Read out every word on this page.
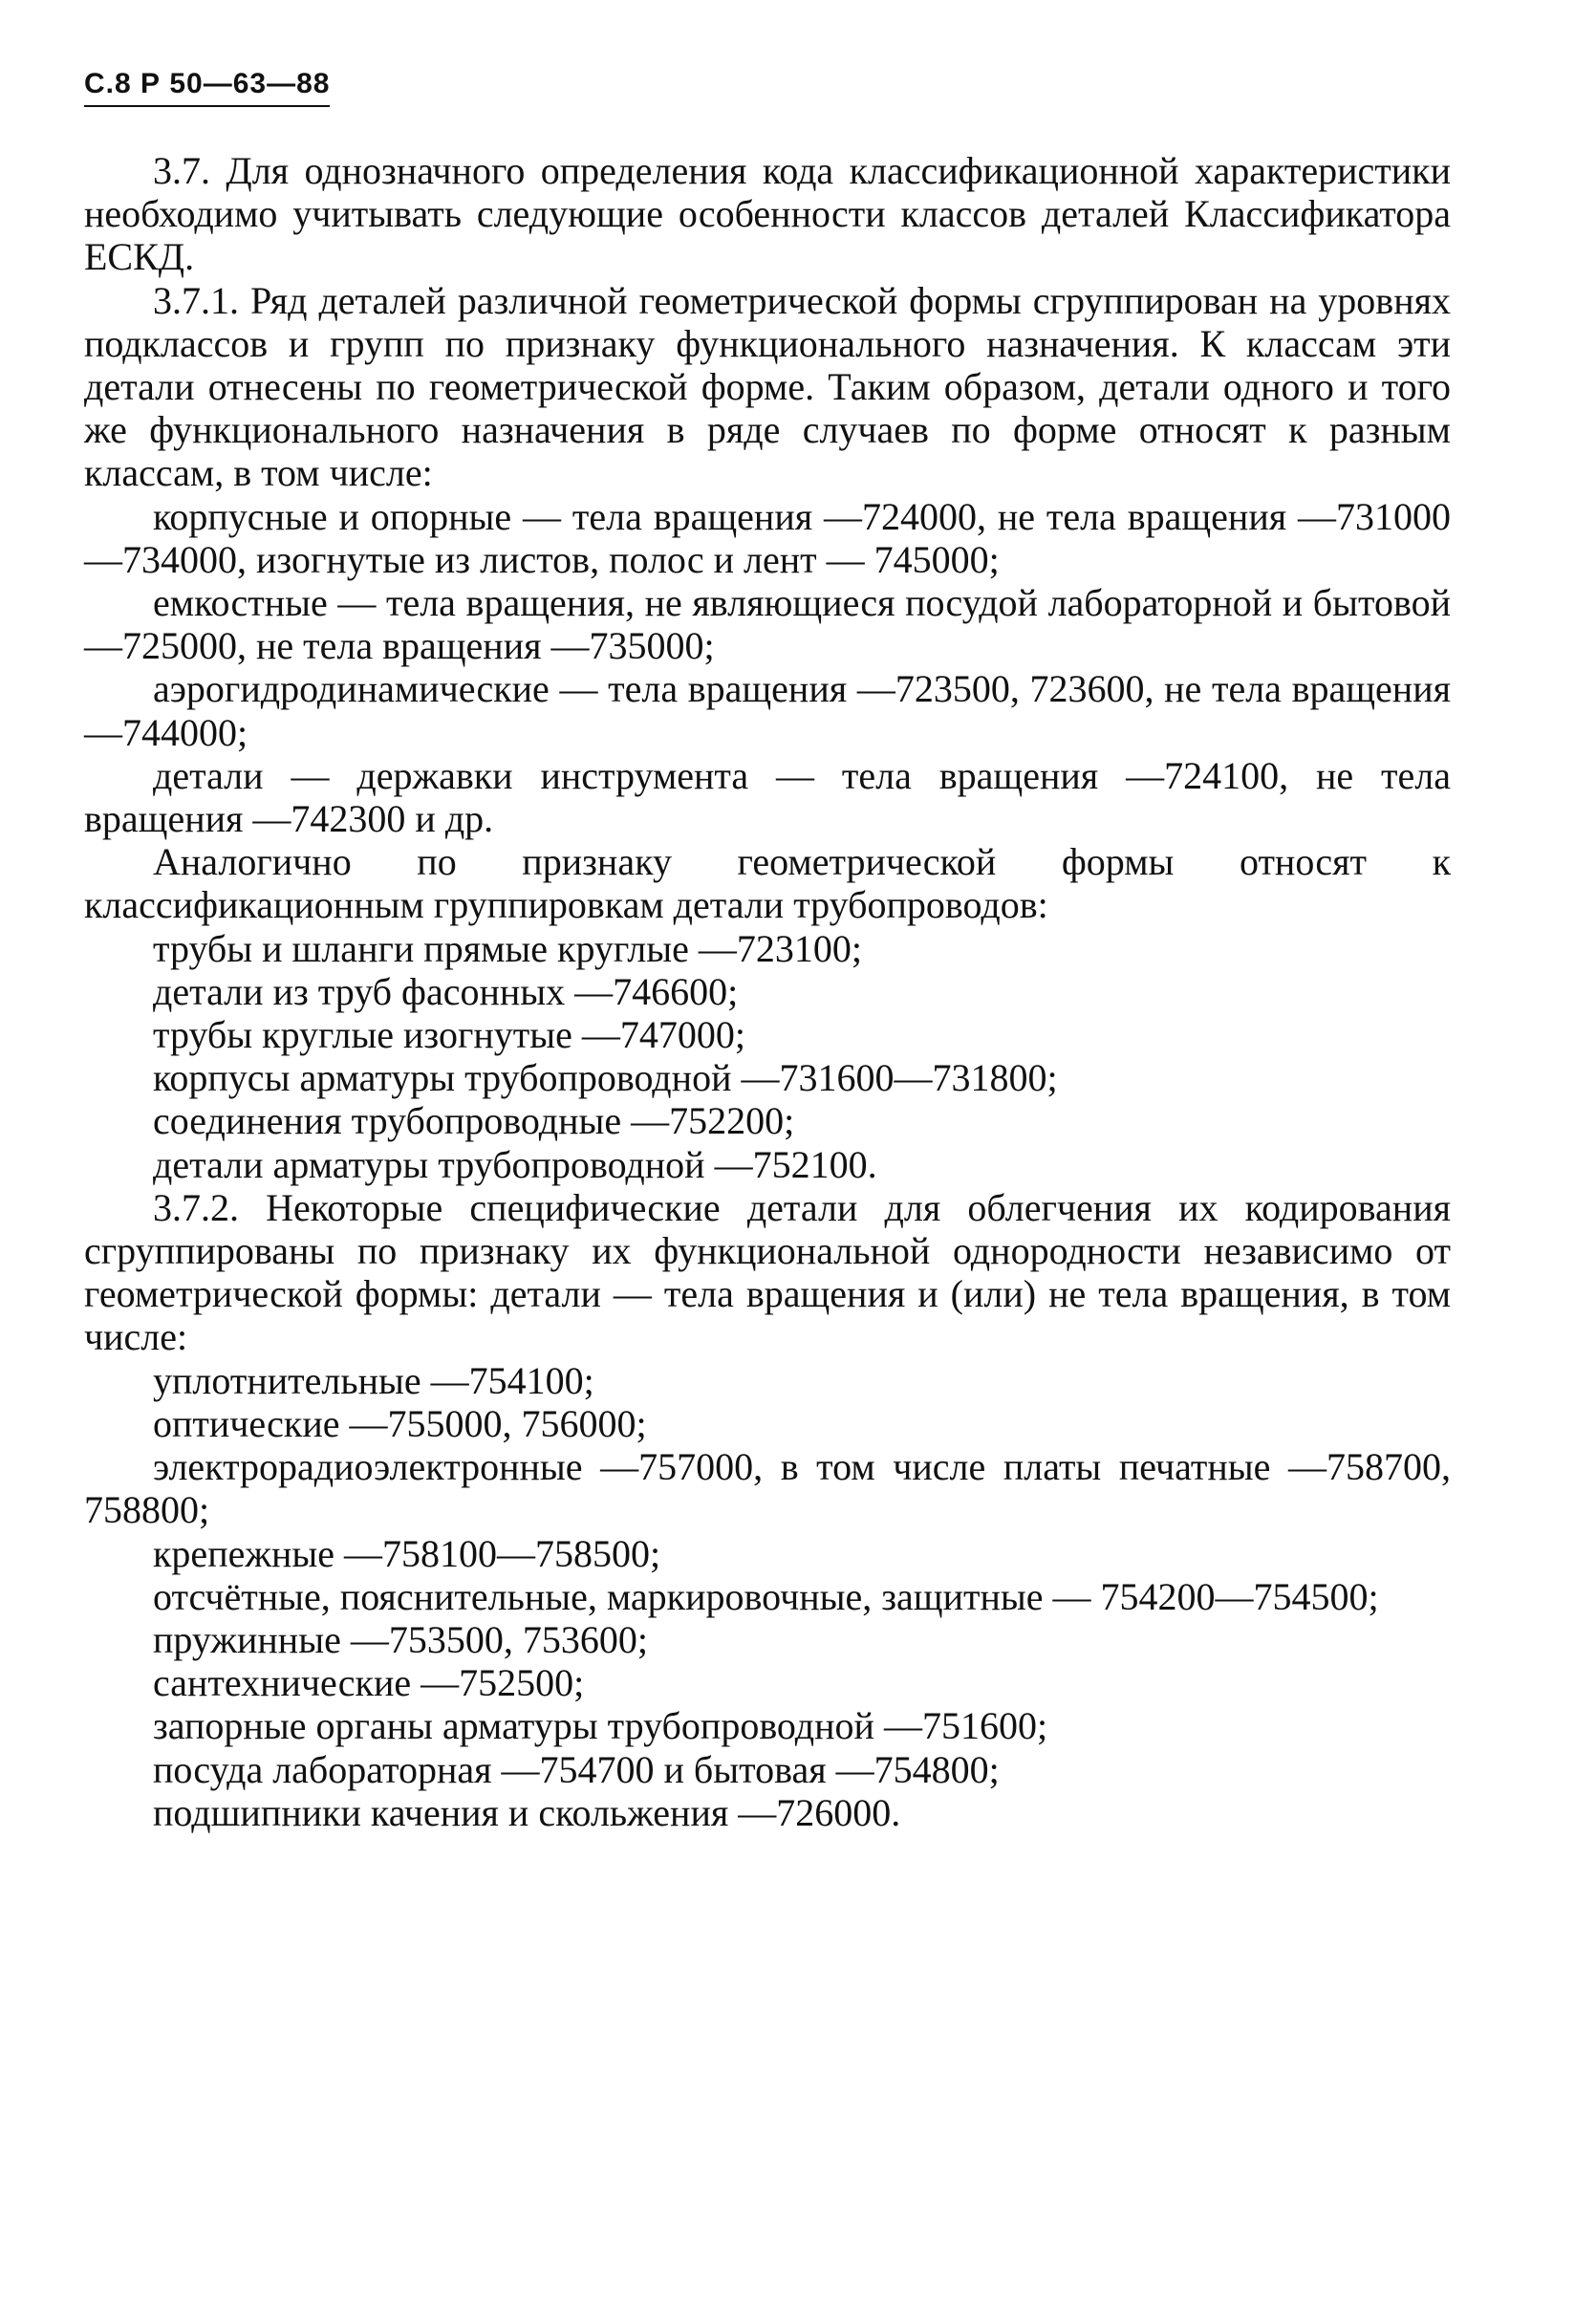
С.8 Р 50—63—88

3.7. Для однозначного определения кода классификационной характеристики необходимо учитывать следующие особенности классов деталей Классификатора ЕСКД.

3.7.1. Ряд деталей различной геометрической формы сгруппирован на уровнях подклассов и групп по признаку функционального назначения. К классам эти детали отнесены по геометрической форме. Таким образом, детали одного и того же функционального назначения в ряде случаев по форме относят к разным классам, в том числе:

корпусные и опорные — тела вращения —724000, не тела вращения —731000—734000, изогнутые из листов, полос и лент — 745000;

емкостные — тела вращения, не являющиеся посудой лабораторной и бытовой —725000, не тела вращения —735000;

аэрогидродинамические — тела вращения —723500, 723600, не тела вращения —744000;

детали — державки инструмента — тела вращения —724100, не тела вращения —742300 и др.

Аналогично по признаку геометрической формы относят к классификационным группировкам детали трубопроводов:

трубы и шланги прямые круглые —723100;

детали из труб фасонных —746600;

трубы круглые изогнутые —747000;

корпусы арматуры трубопроводной —731600—731800;

соединения трубопроводные —752200;

детали арматуры трубопроводной —752100.

3.7.2. Некоторые специфические детали для облегчения их кодирования сгруппированы по признаку их функциональной однородности независимо от геометрической формы: детали — тела вращения и (или) не тела вращения, в том числе:

уплотнительные —754100;

оптические —755000, 756000;

электрорадиоэлектронные —757000, в том числе платы печатные —758700, 758800;

крепежные —758100—758500;

отсчётные, пояснительные, маркировочные, защитные — 754200—754500;

пружинные —753500, 753600;

сантехнические —752500;

запорные органы арматуры трубопроводной —751600;

посуда лабораторная —754700 и бытовая —754800;

подшипники качения и скольжения —726000.
